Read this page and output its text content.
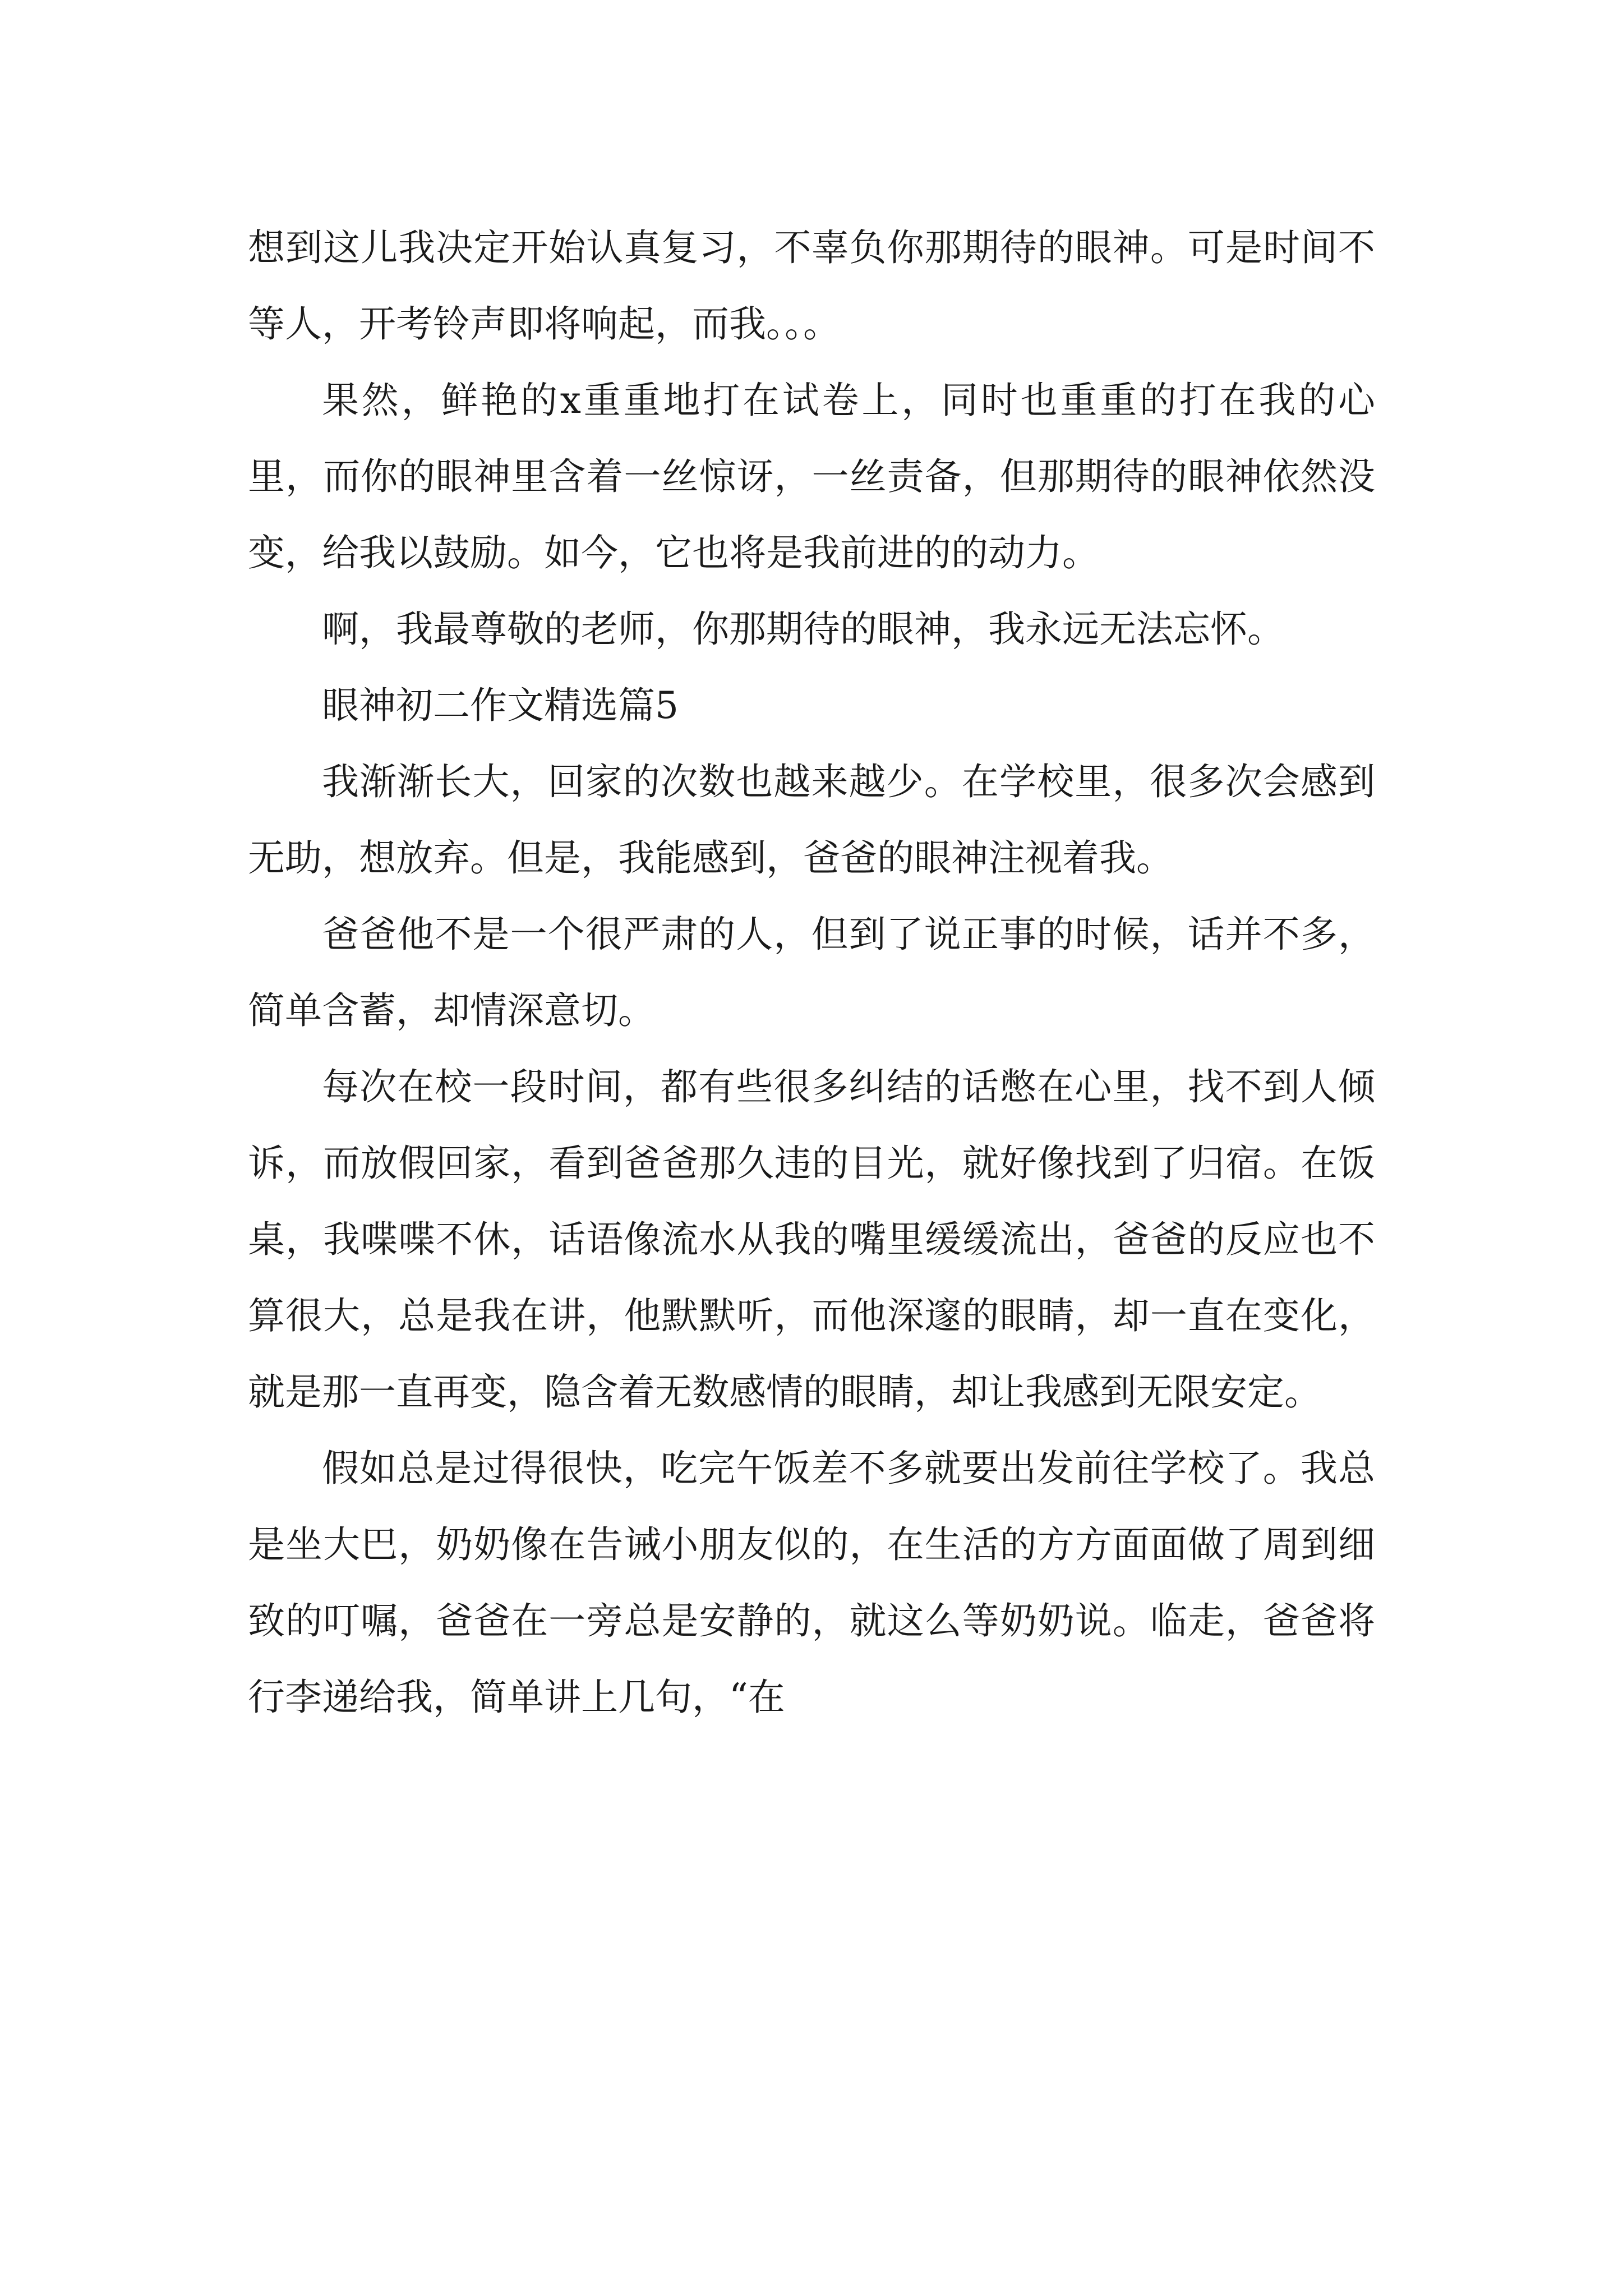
想到这儿我决定开始认真复习，不辜负你那期待的眼神。可是时间不等人，开考铃声即将响起，而我。。。

果然，鲜艳的x重重地打在试卷上，同时也重重的打在我的心里，而你的眼神里含着一丝惊讶，一丝责备，但那期待的眼神依然没变，给我以鼓励。如今，它也将是我前进的的动力。

啊，我最尊敬的老师，你那期待的眼神，我永远无法忘怀。

眼神初二作文精选篇5

我渐渐长大，回家的次数也越来越少。在学校里，很多次会感到无助，想放弃。但是，我能感到，爸爸的眼神注视着我。

爸爸他不是一个很严肃的人，但到了说正事的时候，话并不多，简单含蓄，却情深意切。

每次在校一段时间，都有些很多纠结的话憋在心里，找不到人倾诉，而放假回家，看到爸爸那久违的目光，就好像找到了归宿。在饭桌，我喋喋不休，话语像流水从我的嘴里缓缓流出，爸爸的反应也不算很大，总是我在讲，他默默听，而他深邃的眼睛，却一直在变化，就是那一直再变，隐含着无数感情的眼睛，却让我感到无限安定。

假如总是过得很快，吃完午饭差不多就要出发前往学校了。我总是坐大巴，奶奶像在告诫小朋友似的，在生活的方方面面做了周到细致的叮嘱，爸爸在一旁总是安静的，就这么等奶奶说。临走，爸爸将行李递给我，简单讲上几句，“在
